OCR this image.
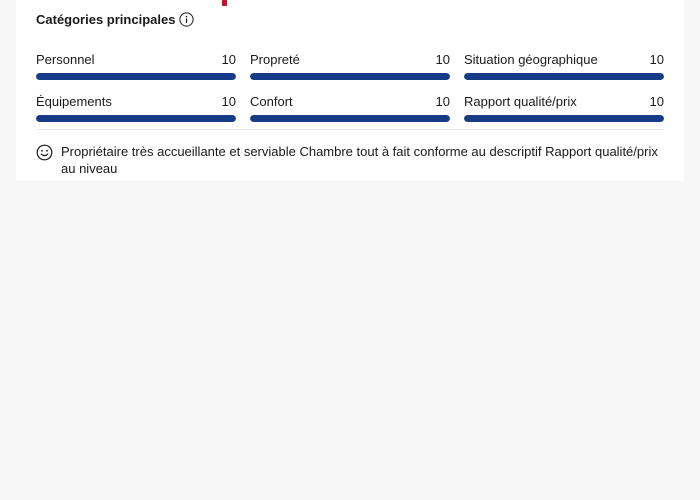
Catégories principales
Personnel	10 Propreté	10 Situation géographique	10
Équipements	10 Confort	10 Rapport qualité/prix	10
Propriétaire très accueillante et serviable Chambre tout à fait conforme au descriptif Rapport qualité/prix au niveau
